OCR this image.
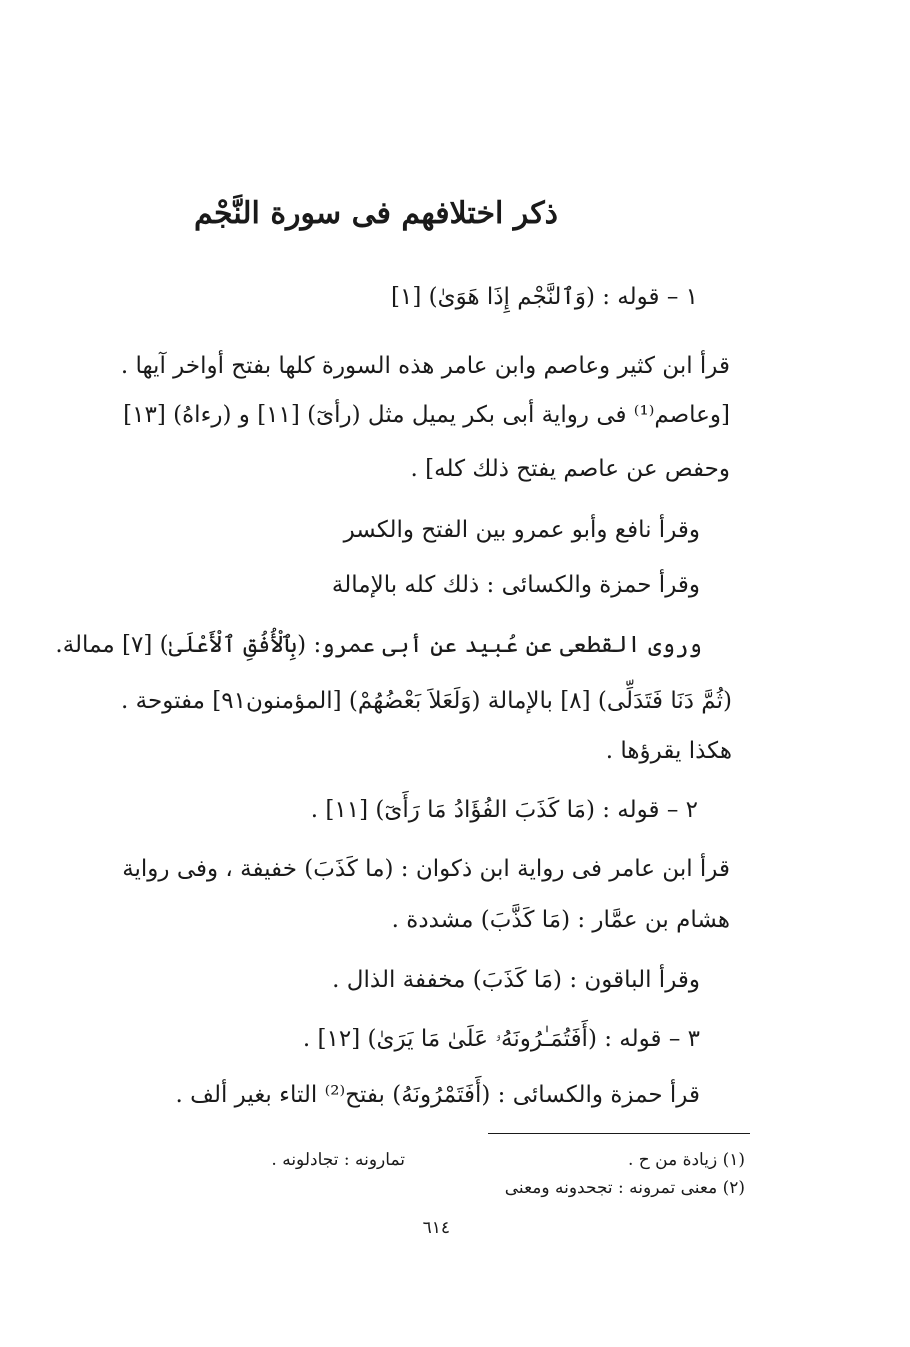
ذكر اختلافهم فى سورة النَّجْم
١ – قوله : (وَٱلنَّجْم إِذَا هَوَىٰ) [١]
قرأ ابن كثير وعاصم وابن عامر هذه السورة كلها بفتح أواخر آيها .
[وعاصم⁽¹⁾ فى رواية أبى بكر يميل مثل (رأىٓ) [١١] و (رءاهُ) [١٣]
وحفص عن عاصم يفتح ذلك كله] .
وقرأ نافع وأبو عمرو بين الفتح والكسر
وقرأ حمزة والكسائى : ذلك كله بالإمالة
وروى القطعى عن عُبيد عن أبى عمرو: (بِٱلْأُفُقِ ٱلْأَعْلَىٰ) [٧] ممالة.
(ثُمَّ دَنَا فَتَدَلِّى) [٨] بالإمالة (وَلَعَلاَ بَعْضُهُمْ) [المؤمنون٩١] مفتوحة .
هكذا يقرؤها .
٢ – قوله : (مَا كَذَبَ الفُؤَادُ مَا رَأَىٓ) [١١] .
قرأ ابن عامر فى رواية ابن ذكوان : (ما كَذَبَ) خفيفة ، وفى رواية
هشام بن عمَّار : (مَا كَذَّبَ) مشددة .
وقرأ الباقون : (مَا كَذَبَ) مخففة الذال .
٣ – قوله : (أَفَتُمَـٰرُونَهُۥ عَلَىٰ مَا يَرَىٰ) [١٢] .
قرأ حمزة والكسائى : (أَفَتَمْرُونَهُ) بفتح⁽²⁾ التاء بغير ألف .
(١) زيادة من ح .
تمارونه : تجادلونه .
(٢) معنى تمرونه : تجحدونه ومعنى
٦١٤
